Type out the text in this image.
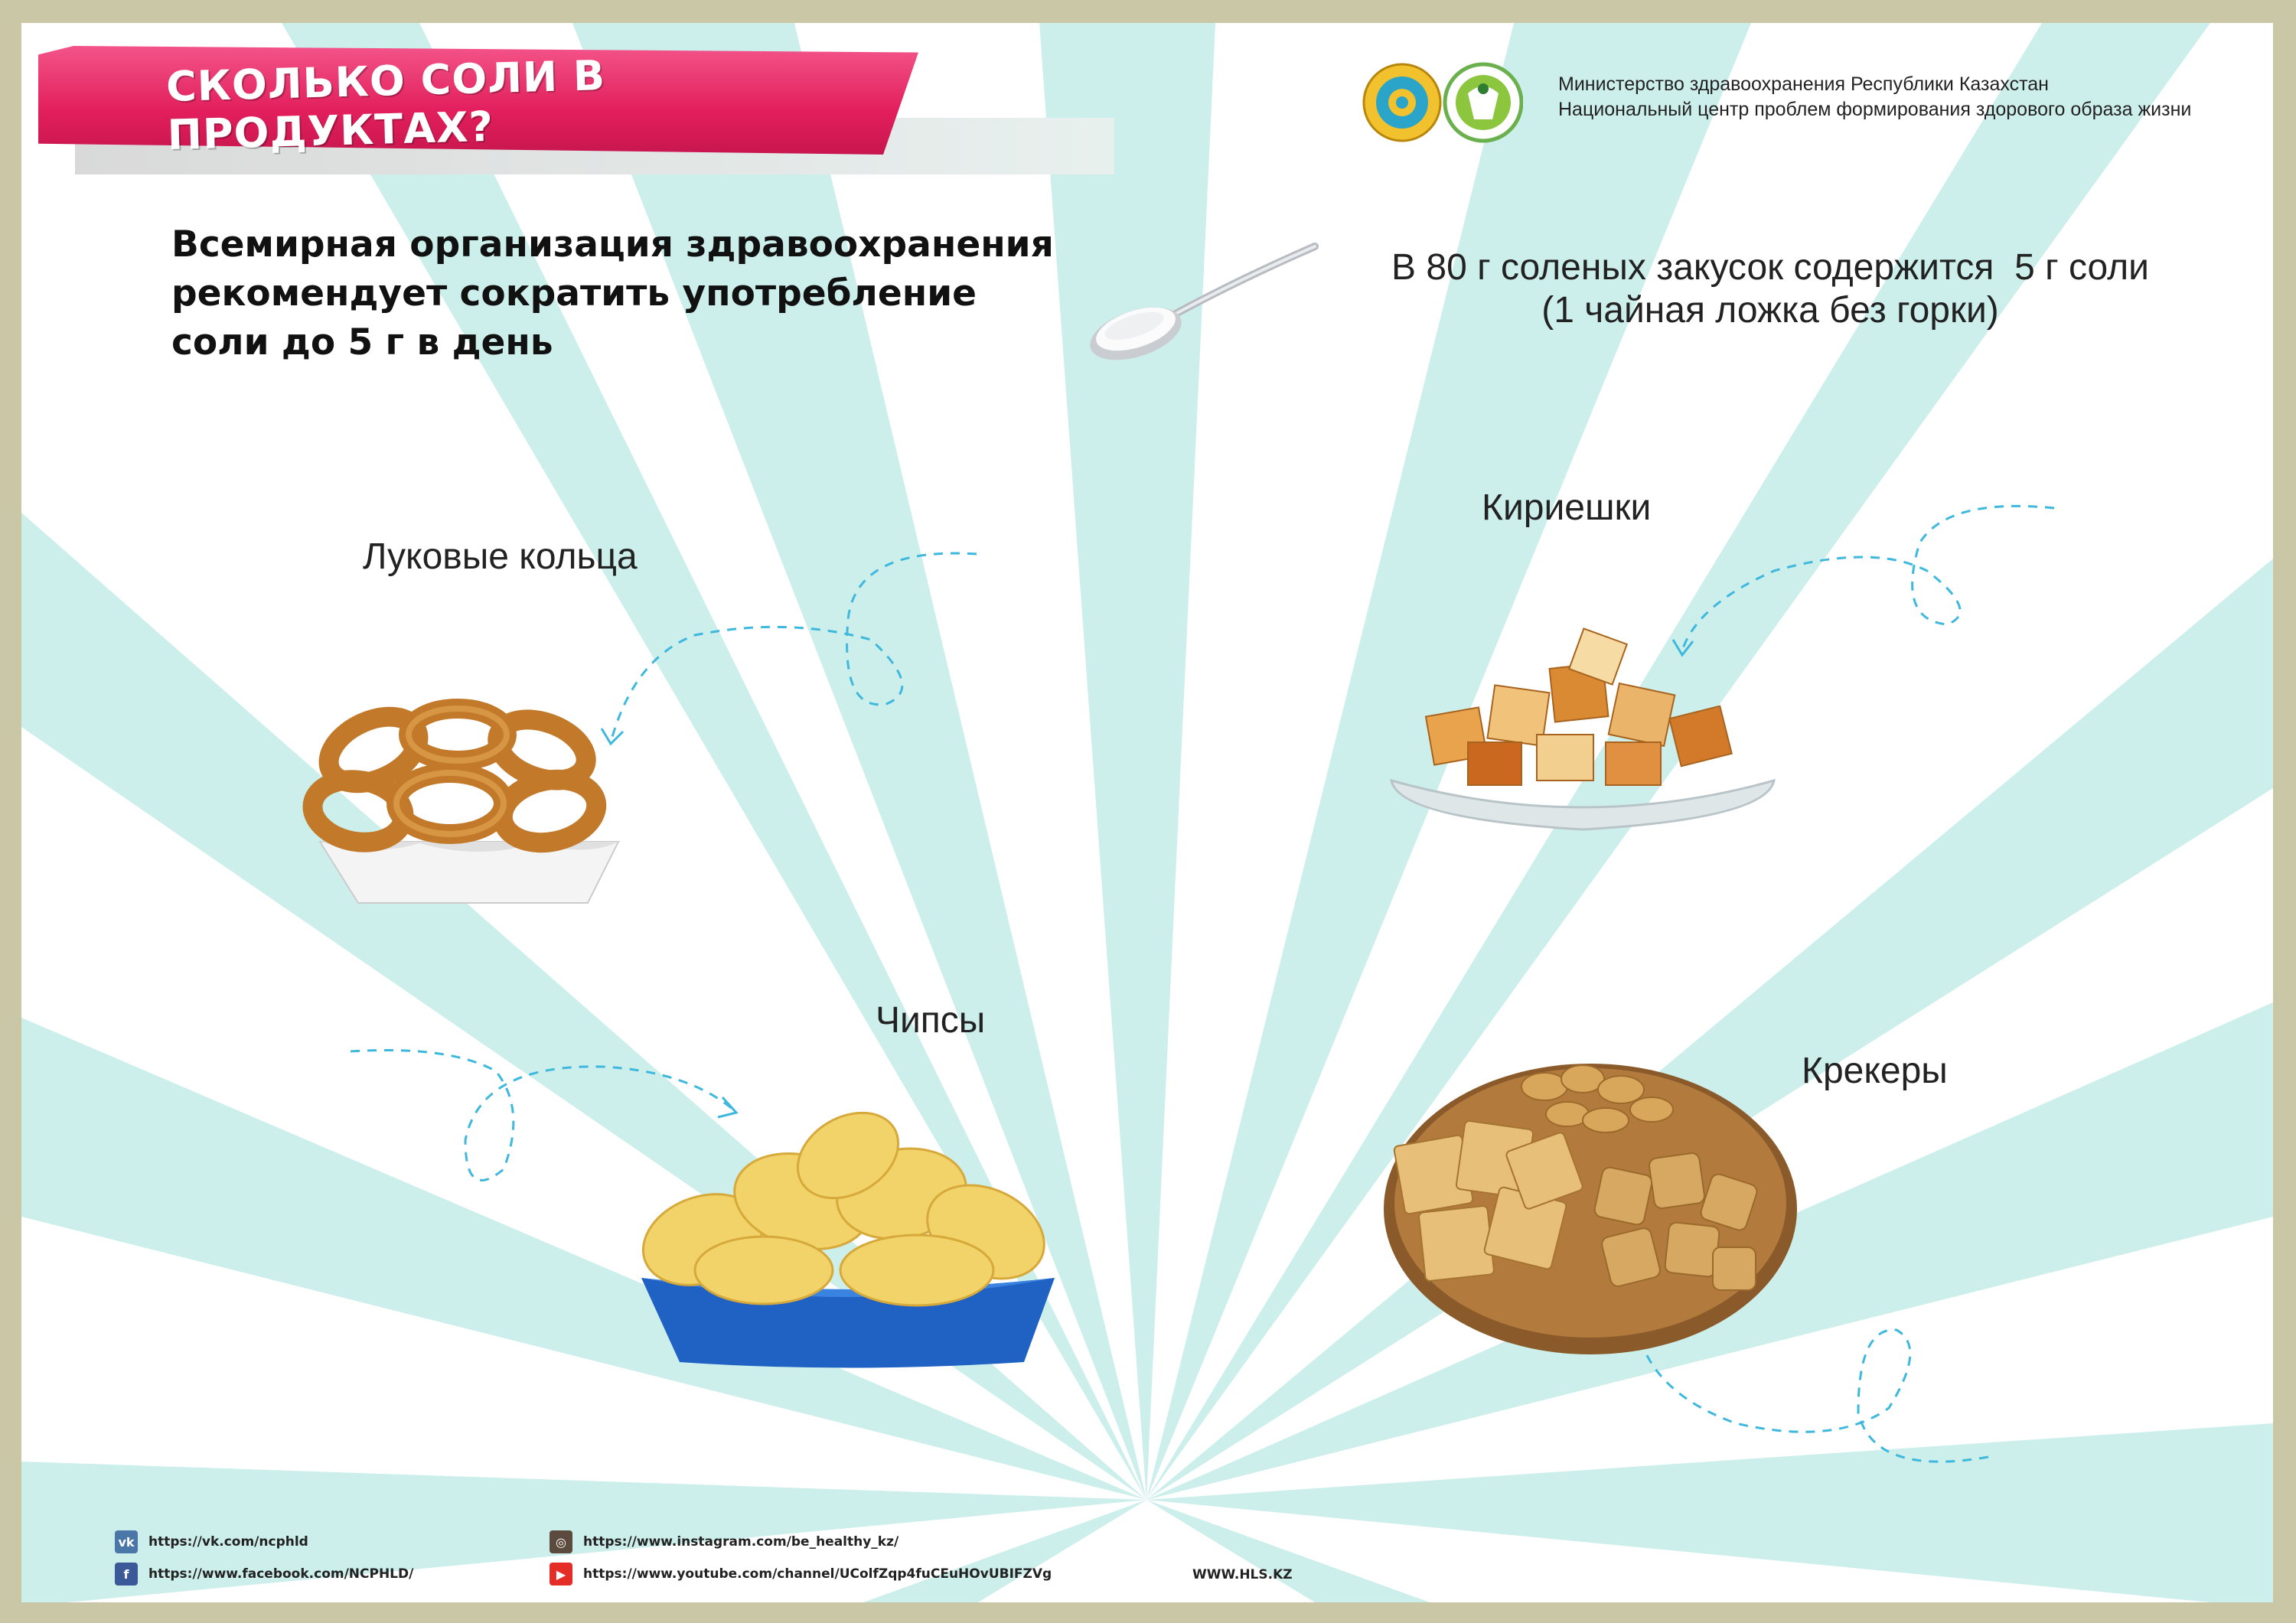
СКОЛЬКО СОЛИ В ПРОДУКТАХ?
Министерство здравоохранения Республики Казахстан
Национальный центр проблем формирования здорового образа жизни
Всемирная организация здравоохранения
рекомендует сократить употребление
соли до 5 г в день
В 80 г соленых закусок содержится  5 г соли
(1 чайная ложка без горки)
Луковые кольца
Чипсы
Кириешки
Крекеры
vk https://vk.com/ncphld
f	https://www.facebook.com/NCPHLD/
◎	https://www.instagram.com/be_healthy_kz/
▶	https://www.youtube.com/channel/UColfZqp4fuCEuHOvUBIFZVg	WWW.HLS.KZ
